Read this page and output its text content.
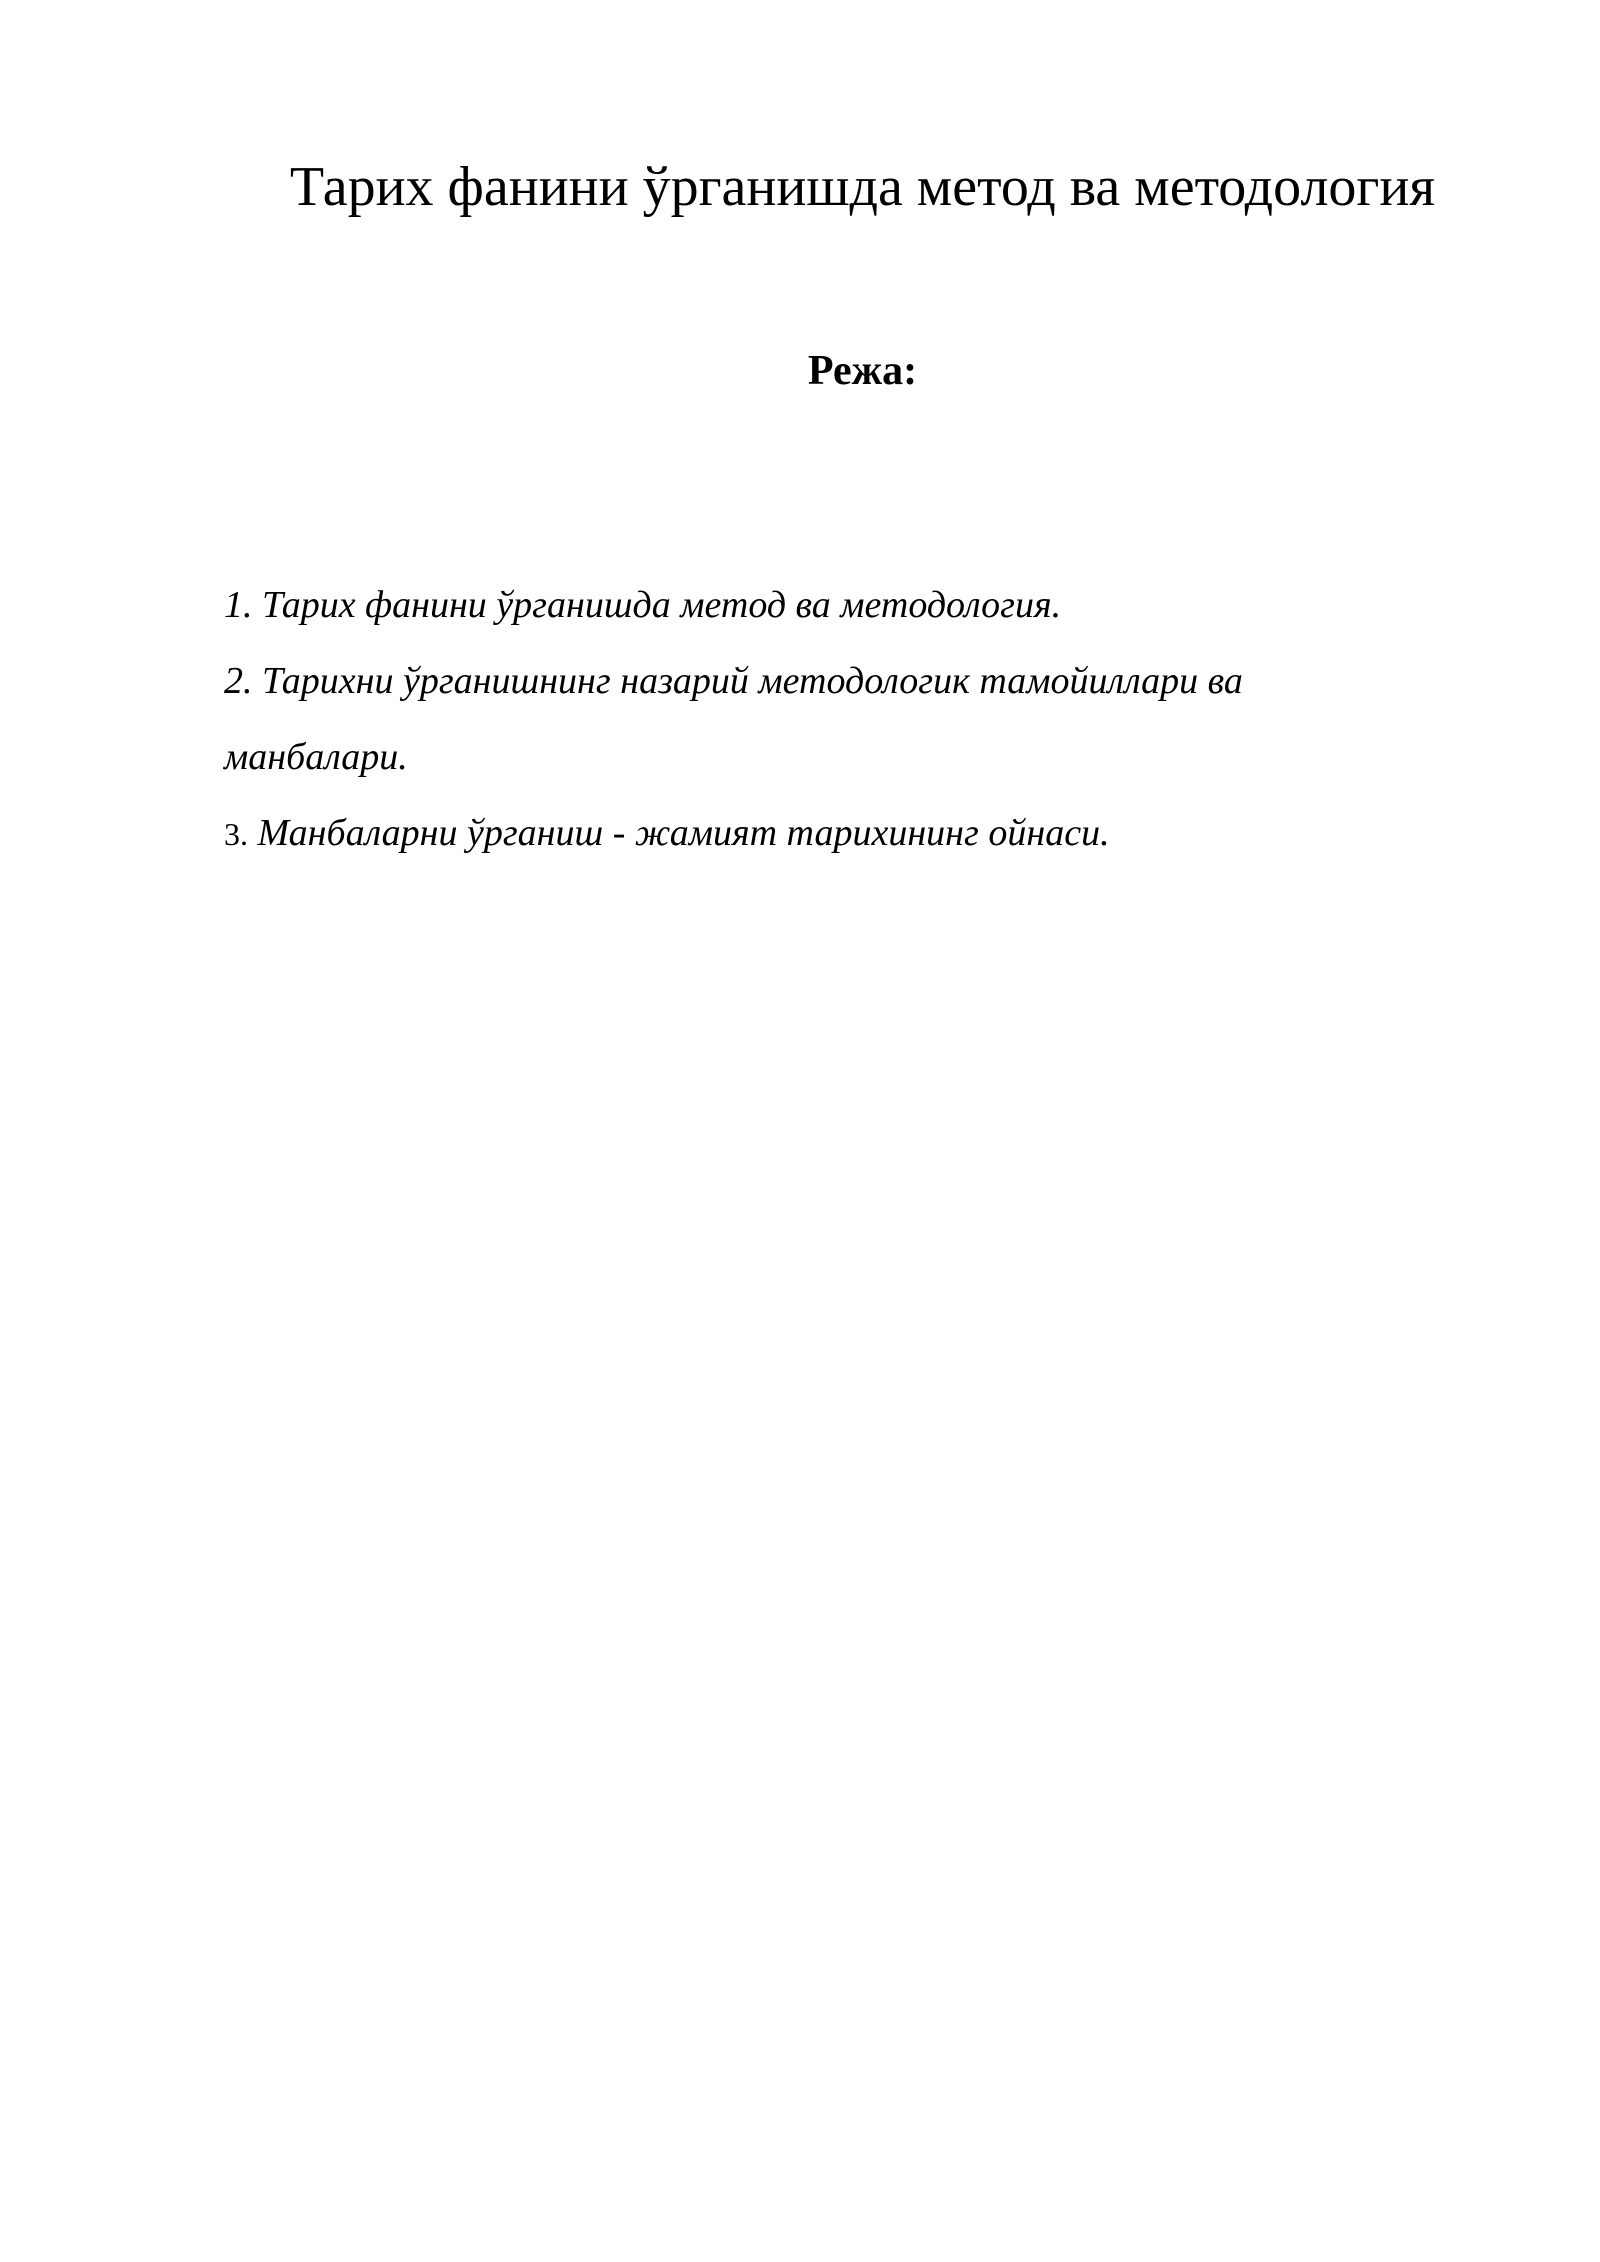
Тарих фанини ўрганишда метод ва методология
Режа:
1. Тарих фанини ўрганишда метод ва методология.
2. Тарихни ўрганишнинг назарий методологик тамойиллари ва
манбалари.
3. Манбаларни ўрганиш - жамият тарихининг ойнаси.
